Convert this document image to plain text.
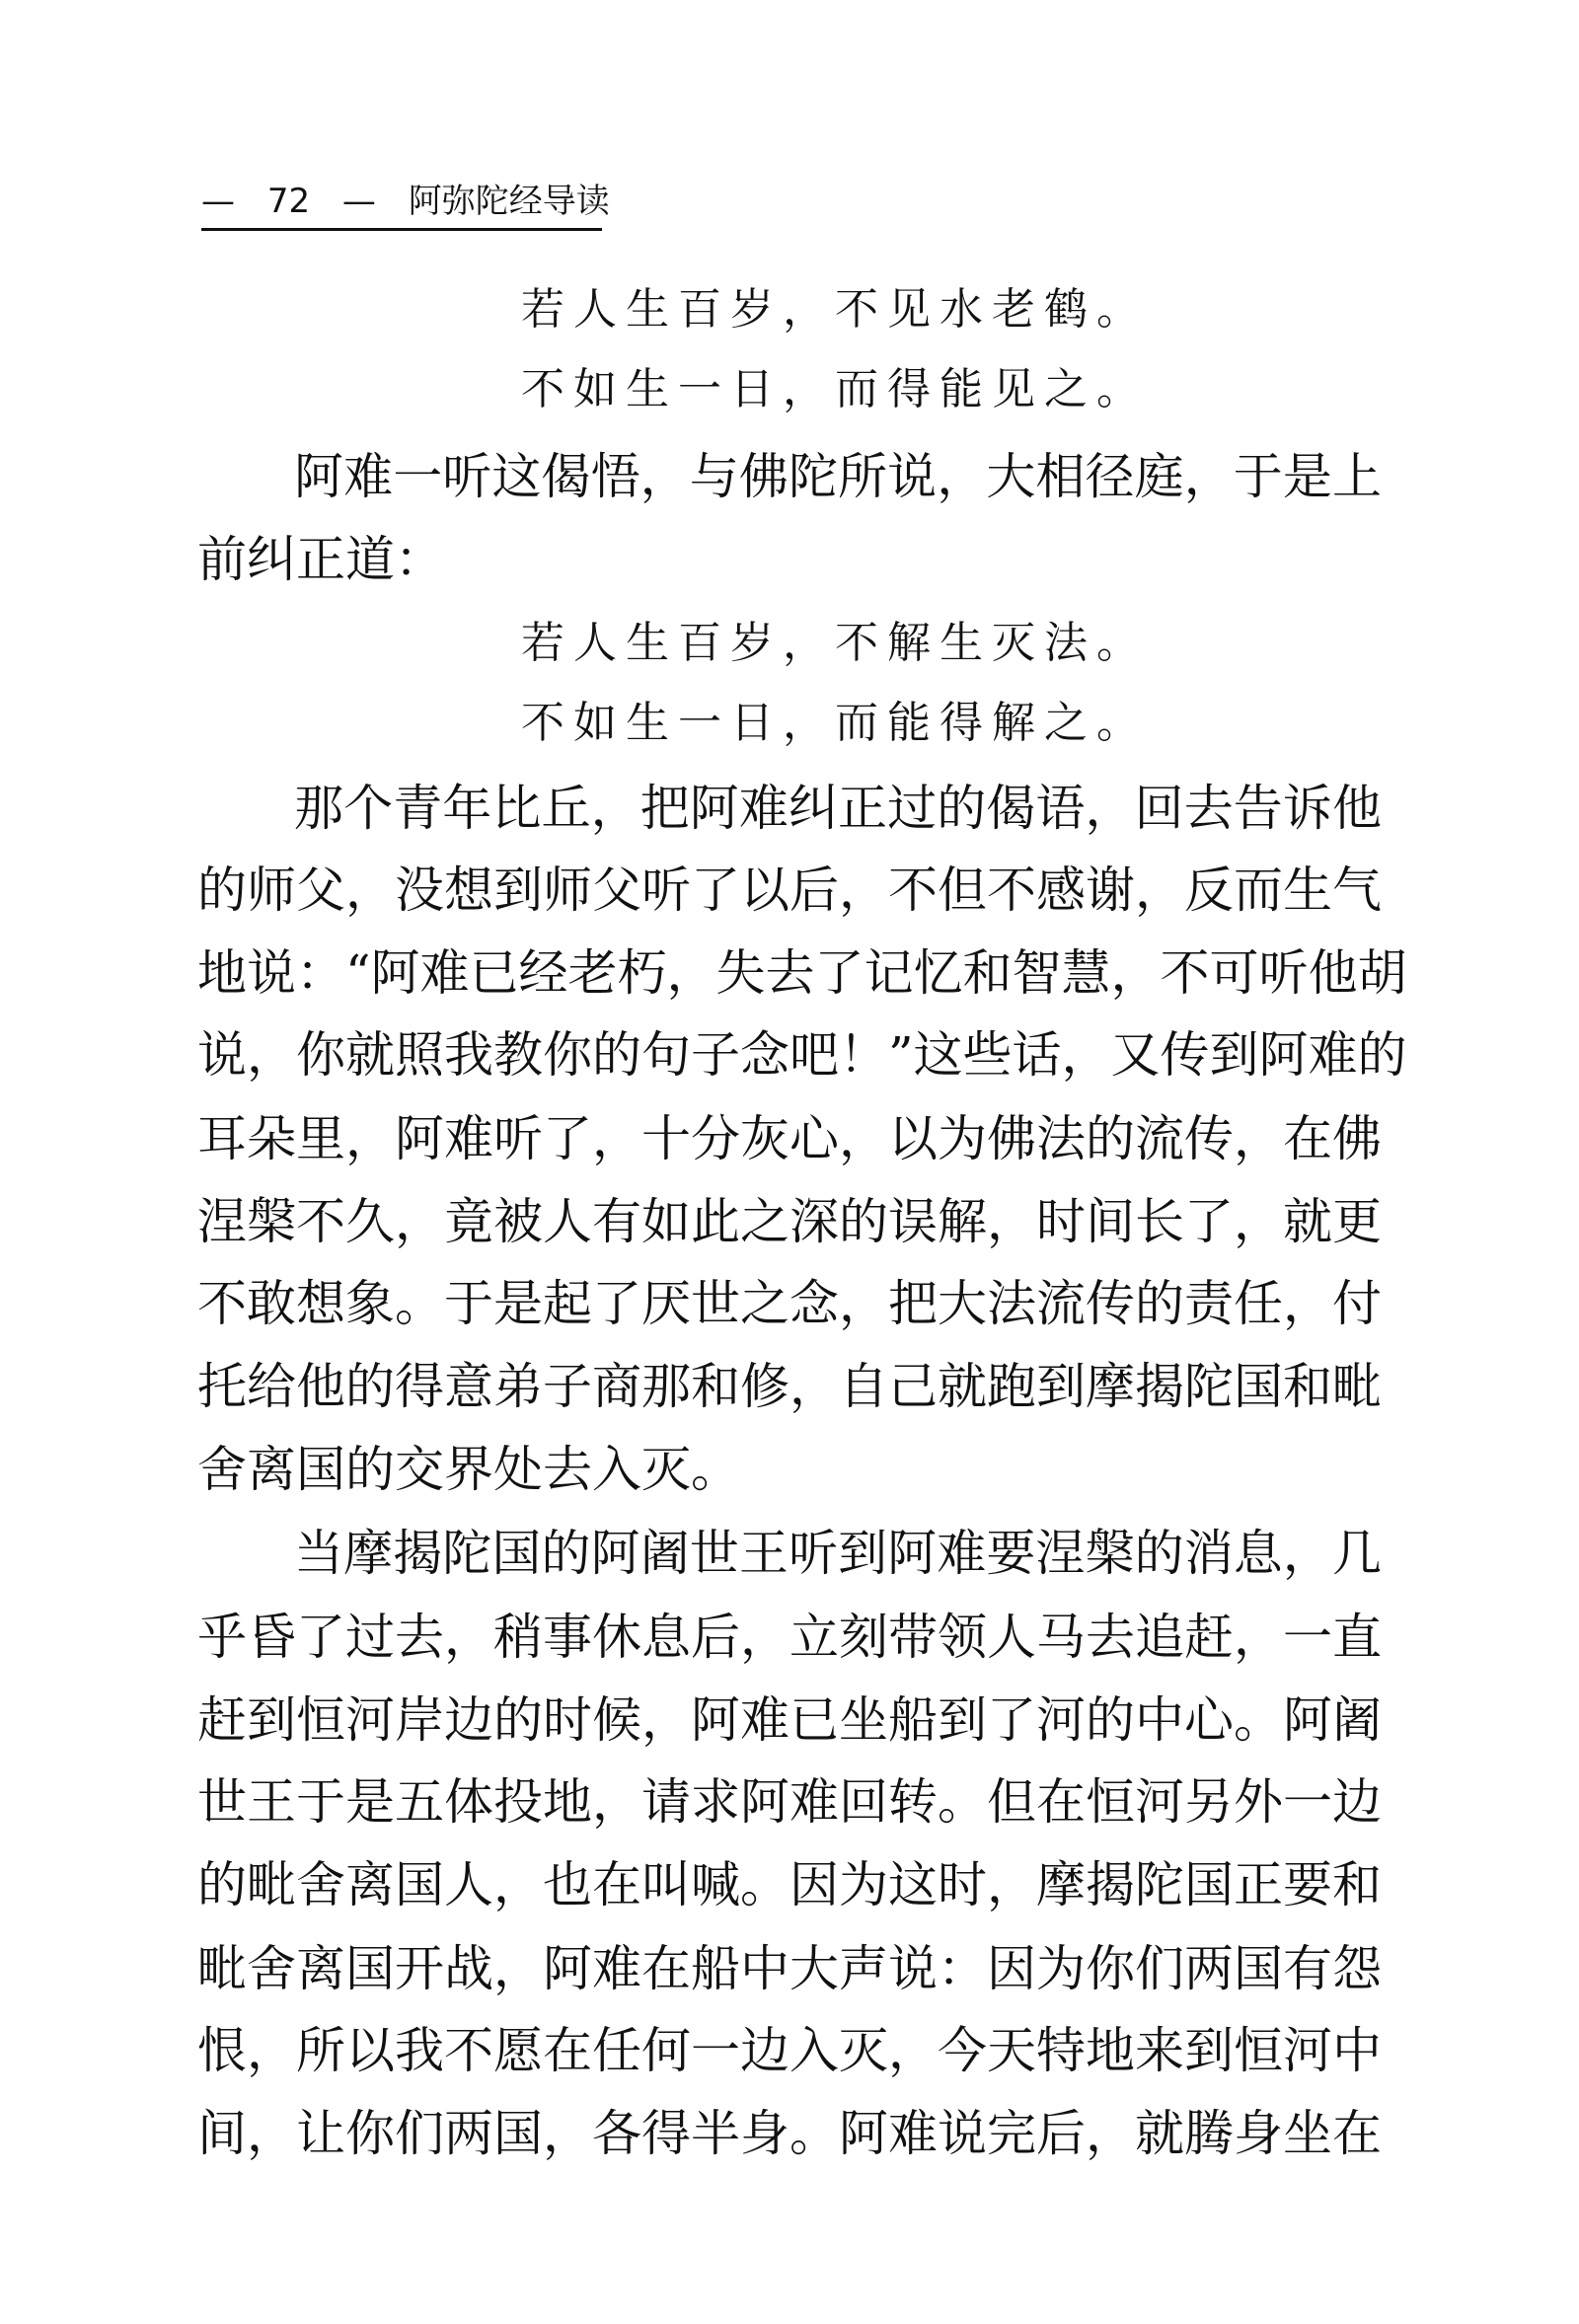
— 72 — 阿弥陀经导读
若人生百岁，不见水老鹤。
不如生一日，而得能见之。
阿难一听这偈悟，与佛陀所说，大相径庭，于是上
前纠正道：
若人生百岁，不解生灭法。
不如生一日，而能得解之。
那个青年比丘，把阿难纠正过的偈语，回去告诉他
的师父，没想到师父听了以后，不但不感谢，反而生气
地说：“阿难已经老朽，失去了记忆和智慧，不可听他胡
说，你就照我教你的句子念吧！”这些话，又传到阿难的
耳朵里，阿难听了，十分灰心，以为佛法的流传，在佛
涅槃不久，竟被人有如此之深的误解，时间长了，就更
不敢想象。于是起了厌世之念，把大法流传的责任，付
托给他的得意弟子商那和修，自己就跑到摩揭陀国和毗
舍离国的交界处去入灭。
当摩揭陀国的阿阇世王听到阿难要涅槃的消息，几
乎昏了过去，稍事休息后，立刻带领人马去追赶，一直
赶到恒河岸边的时候，阿难已坐船到了河的中心。阿阇
世王于是五体投地，请求阿难回转。但在恒河另外一边
的毗舍离国人，也在叫喊。因为这时，摩揭陀国正要和
毗舍离国开战，阿难在船中大声说：因为你们两国有怨
恨，所以我不愿在任何一边入灭，今天特地来到恒河中
间，让你们两国，各得半身。阿难说完后，就腾身坐在
